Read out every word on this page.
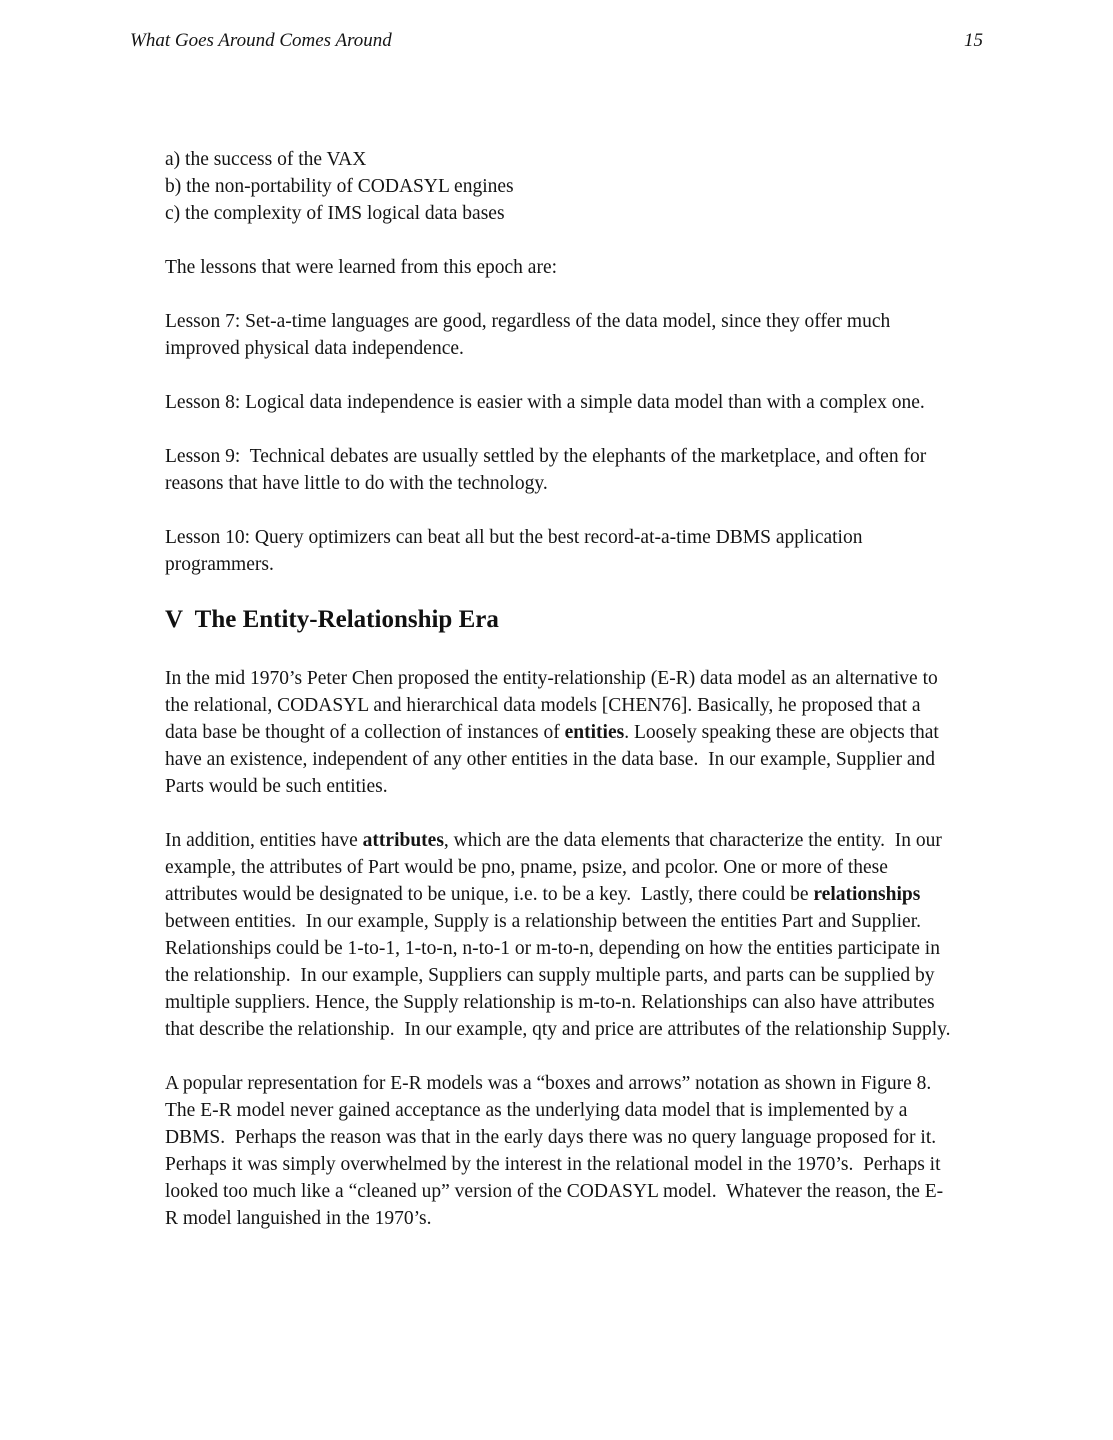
What Goes Around Comes Around	15

a) the success of the VAX

b) the non-portability of CODASYL engines

c) the complexity of IMS logical data bases

The lessons that were learned from this epoch are:

Lesson 7: Set-a-time languages are good, regardless of the data model, since they offer much improved physical data independence.

Lesson 8: Logical data independence is easier with a simple data model than with a complex one.

Lesson 9:  Technical debates are usually settled by the elephants of the marketplace, and often for reasons that have little to do with the technology.

Lesson 10: Query optimizers can beat all but the best record-at-a-time DBMS application programmers.

V  The Entity-Relationship Era

In the mid 1970’s Peter Chen proposed the entity-relationship (E-R) data model as an alternative to the relational, CODASYL and hierarchical data models [CHEN76]. Basically, he proposed that a data base be thought of a collection of instances of entities. Loosely speaking these are objects that have an existence, independent of any other entities in the data base.  In our example, Supplier and Parts would be such entities.

In addition, entities have attributes, which are the data elements that characterize the entity.  In our example, the attributes of Part would be pno, pname, psize, and pcolor. One or more of these attributes would be designated to be unique, i.e. to be a key.  Lastly, there could be relationships  between entities.  In our example, Supply is a relationship between the entities Part and Supplier.  Relationships could be 1-to-1, 1-to-n, n-to-1 or m-to-n, depending on how the entities participate in the relationship.  In our example, Suppliers can supply multiple parts, and parts can be supplied by multiple suppliers. Hence, the Supply relationship is m-to-n. Relationships can also have attributes that describe the relationship.  In our example, qty and price are attributes of the relationship Supply.

A popular representation for E-R models was a “boxes and arrows” notation as shown in Figure 8.  The E-R model never gained acceptance as the underlying data model that is implemented by a DBMS.  Perhaps the reason was that in the early days there was no query language proposed for it.  Perhaps it was simply overwhelmed by the interest in the relational model in the 1970’s.  Perhaps it looked too much like a “cleaned up” version of the CODASYL model.  Whatever the reason, the E-R model languished in the 1970’s.
